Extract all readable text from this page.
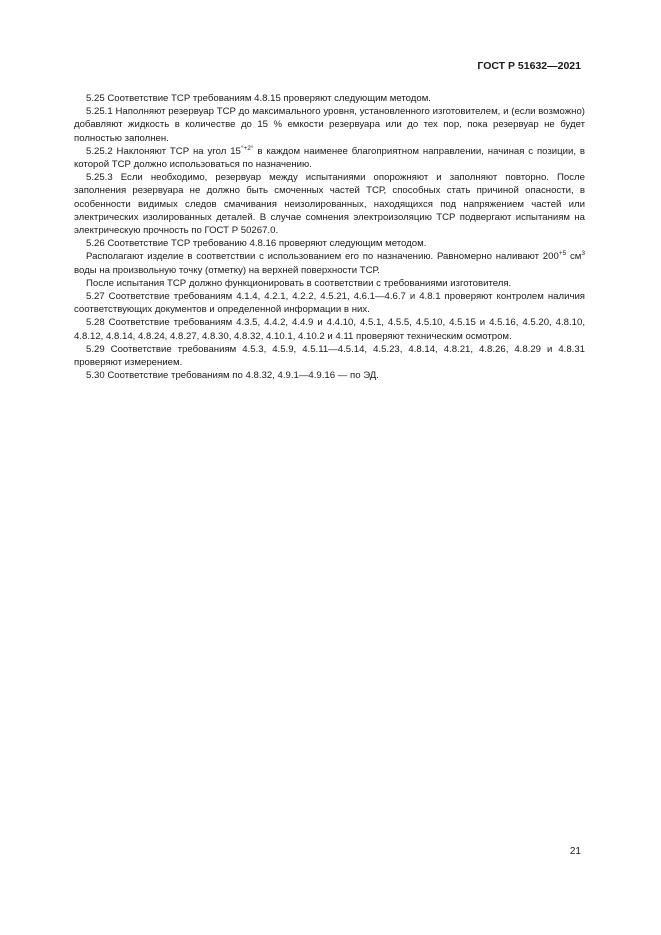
ГОСТ Р 51632—2021

5.25 Соответствие ТСР требованиям 4.8.15 проверяют следующим методом.

5.25.1 Наполняют резервуар ТСР до максимального уровня, установленного изготовителем, и (если возможно) добавляют жидкость в количестве до 15 % емкости резервуара или до тех пор, пока резервуар не будет полностью заполнен.

5.25.2 Наклоняют ТСР на угол $15^{^\circ+2^\circ}$ в каждом наименее благоприятном направлении, начиная с позиции, в которой ТСР должно использоваться по назначению.

5.25.3 Если необходимо, резервуар между испытаниями опорожняют и заполняют повторно. После заполнения резервуара не должно быть смоченных частей ТСР, способных стать причиной опасности, в особенности видимых следов смачивания неизолированных, находящихся под напряжением частей или электрических изолированных деталей. В случае сомнения электроизоляцию ТСР подвергают испытаниям на электрическую прочность по ГОСТ Р 50267.0.

5.26 Соответствие ТСР требованию 4.8.16 проверяют следующим методом.

Располагают изделие в соответствии с использованием его по назначению. Равномерно наливают $200^{+5}$ $см^3$ воды на произвольную точку (отметку) на верхней поверхности ТСР.

После испытания ТСР должно функционировать в соответствии с требованиями изготовителя.

5.27 Соответствие требованиям 4.1.4, 4.2.1, 4.2.2, 4.5.21, 4.6.1—4.6.7 и 4.8.1 проверяют контролем наличия соответствующих документов и определенной информации в них.

5.28 Соответствие требованиям 4.3.5, 4.4.2, 4.4.9 и 4.4.10, 4.5.1, 4.5.5, 4.5.10, 4.5.15 и 4.5.16, 4.5.20, 4.8.10, 4.8.12, 4.8.14, 4.8.24, 4.8.27, 4.8.30, 4.8.32, 4.10.1, 4.10.2 и 4.11 проверяют техническим осмотром.

5.29 Соответствие требованиям 4.5.3, 4.5.9, 4.5.11—4.5.14, 4.5.23, 4.8.14, 4.8.21, 4.8.26, 4.8.29 и 4.8.31 проверяют измерением.

5.30 Соответствие требованиям по 4.8.32, 4.9.1—4.9.16 — по ЭД.

21
